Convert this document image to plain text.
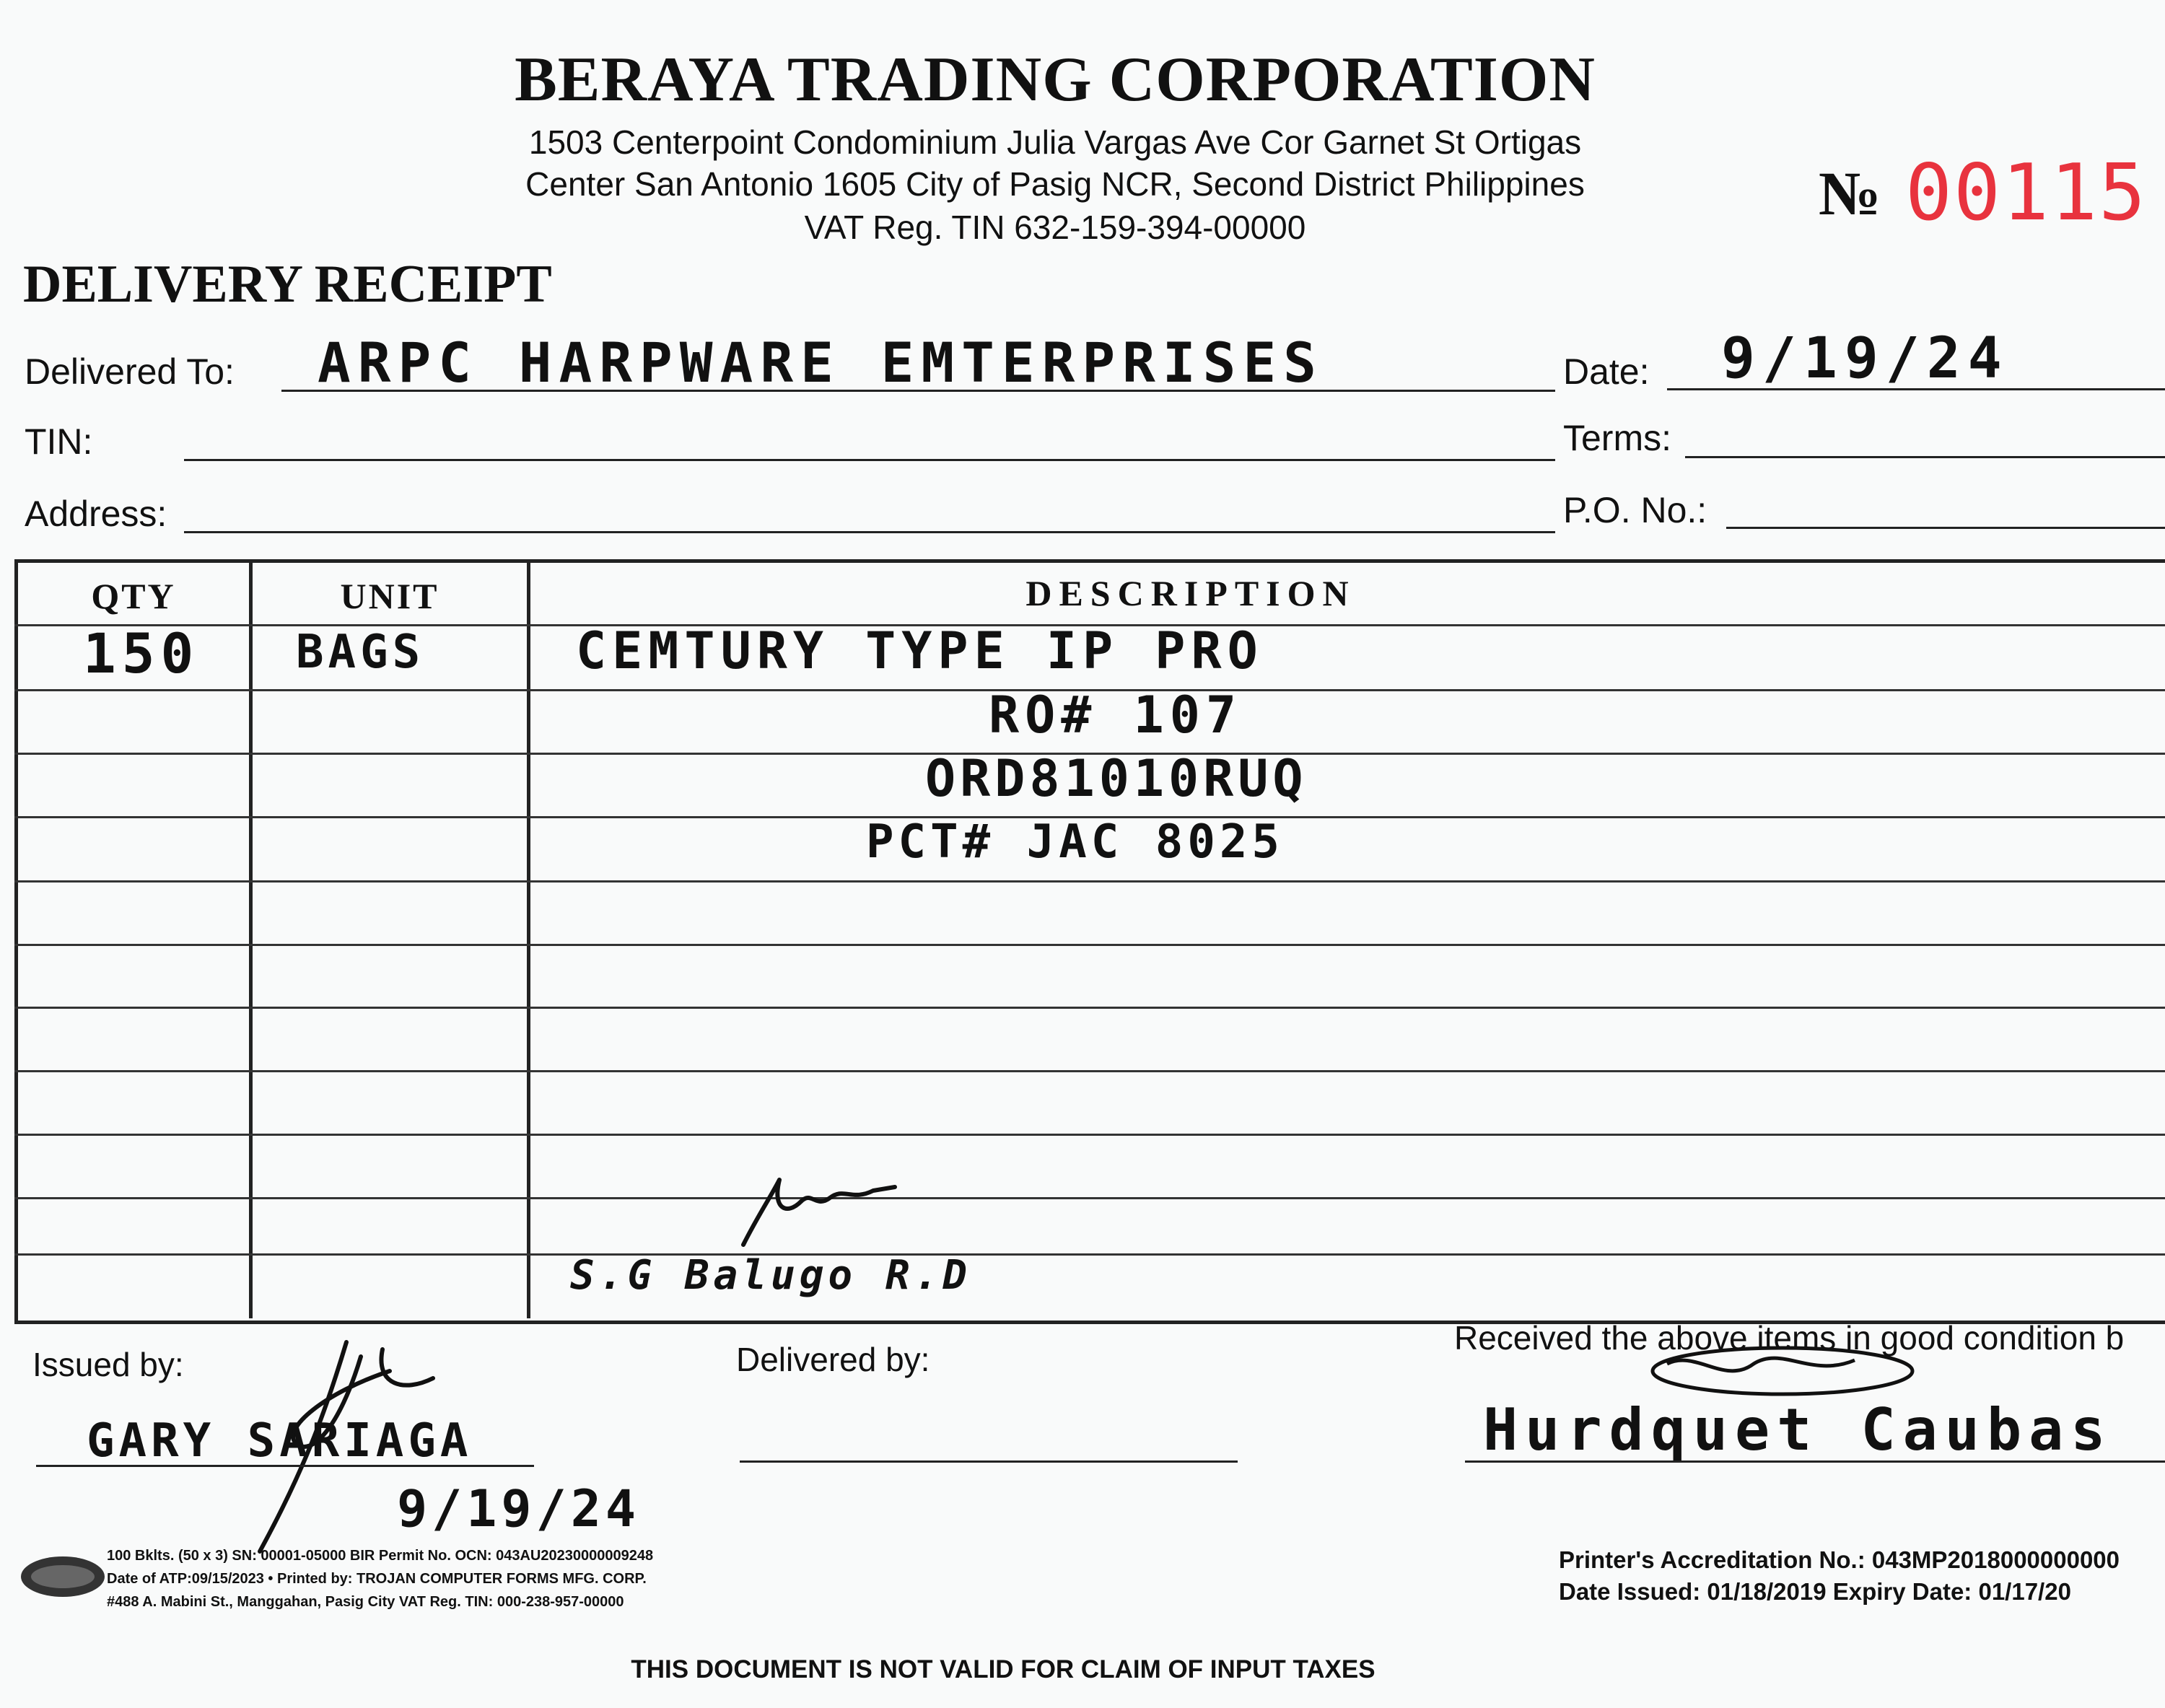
BERAYA TRADING CORPORATION
1503 Centerpoint Condominium Julia Vargas Ave Cor Garnet St Ortigas
Center San Antonio 1605 City of Pasig NCR, Second District Philippines
VAT Reg. TIN 632-159-394-00000	№ 00115
DELIVERY RECEIPT
Delivered To: ARPC HARPWARE EMTERPRISES	Date: 9/19/24
TIN:	Terms:
Address:	P.O. No.:
QTY	UNIT	DESCRIPTION
150 BAGS	CEMTURY TYPE IP PRO
RO# 107
ORD81010RUQ
PCT# JAC 8025
S.G Balugo R.D
Issued by:
GARY SARIAGA
9/19/24
Delivered by:
Received the above items in good condition b
Hurdquet Caubas
100 Bklts. (50 x 3) SN: 00001-05000 BIR Permit No. OCN: 043AU20230000009248
Date of ATP:09/15/2023 • Printed by: TROJAN COMPUTER FORMS MFG. CORP.
#488 A. Mabini St., Manggahan, Pasig City VAT Reg. TIN: 000-238-957-00000
Printer's Accreditation No.: 043MP2018000000000
Date Issued: 01/18/2019 Expiry Date: 01/17/20
THIS DOCUMENT IS NOT VALID FOR CLAIM OF INPUT TAXES
